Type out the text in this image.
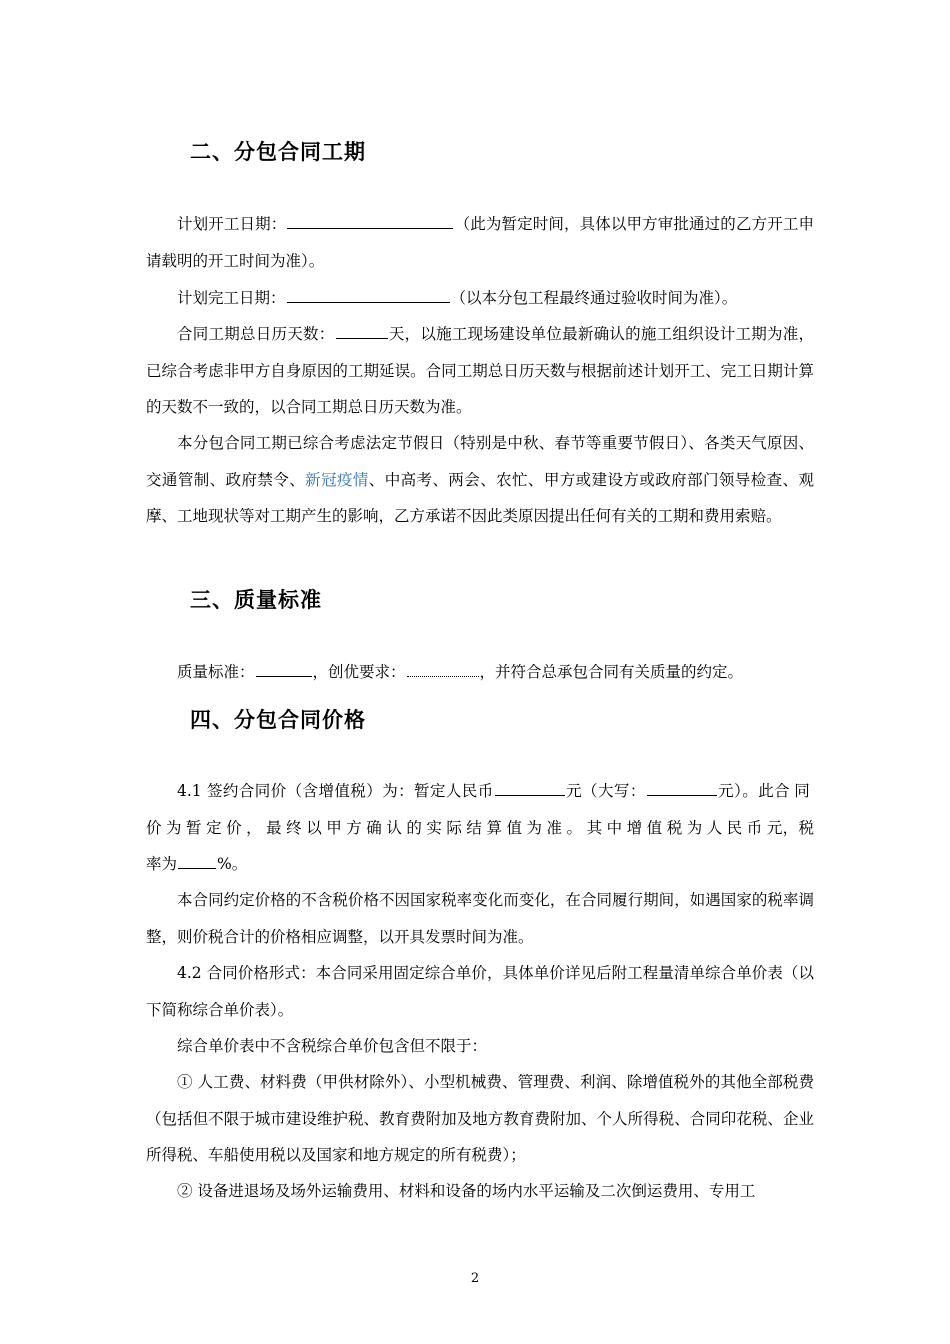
二、分包合同工期

计划开工日期：	（此为暂定时间，具体以甲方审批通过的乙方开工申请载明的开工时间为准）。

计划完工日期：	（以本分包工程最终通过验收时间为准）。

合同工期总日历天数：	天，以施工现场建设单位最新确认的施工组织设计工期为准，已综合考虑非甲方自身原因的工期延误。合同工期总日历天数与根据前述计划开工、完工日期计算的天数不一致的，以合同工期总日历天数为准。

本分包合同工期已综合考虑法定节假日（特别是中秋、春节等重要节假日）、各类天气原因、交通管制、政府禁令、新冠疫情、中高考、两会、农忙、甲方或建设方或政府部门领导检查、观摩、工地现状等对工期产生的影响，乙方承诺不因此类原因提出任何有关的工期和费用索赔。

三、质量标准

质量标准：	，创优要求：	，并符合总承包合同有关质量的约定。

四、分包合同价格

4.1 签约合同价（含增值税）为：暂定人民币	元（大写：	元）。此合同价为暂定价，最终以甲方确认的实际结算值为准。其中增值税为人民币元，税率为	%。

本合同约定价格的不含税价格不因国家税率变化而变化，在合同履行期间，如遇国家的税率调整，则价税合计的价格相应调整，以开具发票时间为准。

4.2 合同价格形式：本合同采用固定综合单价，具体单价详见后附工程量清单综合单价表（以下简称综合单价表）。

综合单价表中不含税综合单价包含但不限于：

① 人工费、材料费（甲供材除外）、小型机械费、管理费、利润、除增值税外的其他全部税费（包括但不限于城市建设维护税、教育费附加及地方教育费附加、个人所得税、合同印花税、企业所得税、车船使用税以及国家和地方规定的所有税费）；

② 设备进退场及场外运输费用、材料和设备的场内水平运输及二次倒运费用、专用工

2
